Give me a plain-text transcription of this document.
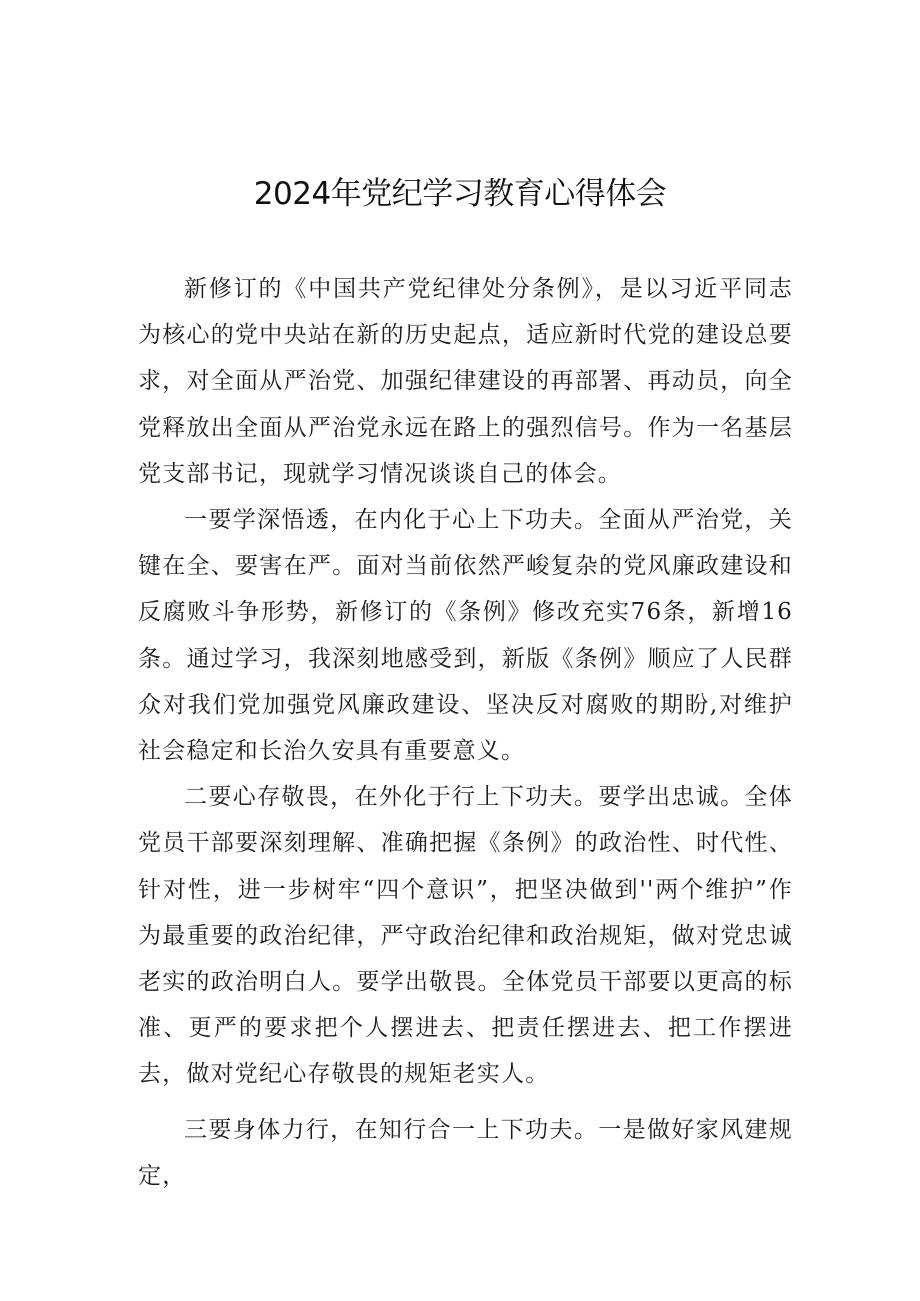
2024年党纪学习教育心得体会

新修订的《中国共产党纪律处分条例》，是以习近平同志为核心的党中央站在新的历史起点，适应新时代党的建设总要求，对全面从严治党、加强纪律建设的再部署、再动员，向全党释放出全面从严治党永远在路上的强烈信号。作为一名基层党支部书记，现就学习情况谈谈自己的体会。

一要学深悟透，在内化于心上下功夫。全面从严治党，关键在全、要害在严。面对当前依然严峻复杂的党风廉政建设和反腐败斗争形势，新修订的《条例》修改充实76条，新增16条。通过学习，我深刻地感受到，新版《条例》顺应了人民群众对我们党加强党风廉政建设、坚决反对腐败的期盼,对维护社会稳定和长治久安具有重要意义。

二要心存敬畏，在外化于行上下功夫。要学出忠诚。全体党员干部要深刻理解、准确把握《条例》的政治性、时代性、针对性，进一步树牢“四个意识”，把坚决做到''两个维护”作为最重要的政治纪律，严守政治纪律和政治规矩，做对党忠诚老实的政治明白人。要学出敬畏。全体党员干部要以更高的标准、更严的要求把个人摆进去、把责任摆进去、把工作摆进去，做对党纪心存敬畏的规矩老实人。

三要身体力行，在知行合一上下功夫。一是做好家风建规定，
